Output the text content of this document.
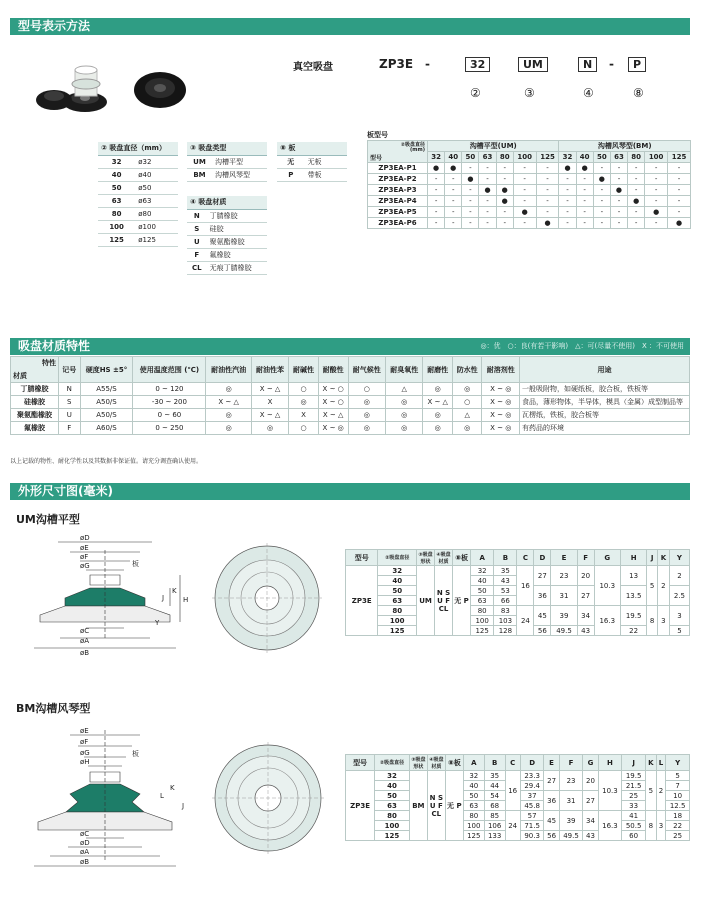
型号表示方法
真空吸盘	ZP3E -	32	UM	N	-	P
②	③	④	⑧
② 吸盘直径（mm）	
32	ø32
40	ø40
50	ø50
63	ø63
80	ø80
100	ø100
125	ø125
③ 吸盘类型	
UM	沟槽平型
BM	沟槽风琴型
④ 吸盘材质	
N	丁腈橡胶
S	硅胶
U	聚氨酯橡胶
F	氟橡胶
CL	无痕丁腈橡胶
⑧ 板	
无	无板
P	带板
板型号
②吸盘直径
(mm)
型号	沟槽平型(UM)							沟槽风琴型(BM)						
	32	40	50	63	80	100	125	32	40	50	63	80	100	125
ZP3EA-P1	●	●	-	-	-	-	-	●	●	-	-	-	-	-
ZP3EA-P2	-	-	●	-	-	-	-	-	-	●	-	-	-	-
ZP3EA-P3	-	-	-	●	●	-	-	-	-	-	●	-	-	-
ZP3EA-P4	-	-	-	-	●	-	-	-	-	-	-	●	-	-
ZP3EA-P5	-	-	-	-	-	●	-	-	-	-	-	-	●	-
ZP3EA-P6	-	-	-	-	-	-	●	-	-	-	-	-	-	●
吸盘材质特性	◎：优　○：良(有若干影响)　△：可(尽量不使用)　X ：不可使用
特性
材质	记号	硬度HS ±5°	使用温度范围 (℃)	耐油性汽油	耐油性苯	耐碱性	耐酸性	耐气候性	耐臭氧性	耐磨性	防水性	耐溶剂性	用途
丁腈橡胶	N	A55/S	0 ~ 120	◎	X ~ △	○	X ~ ○	○	△	◎	◎	X ~ ◎	一般吸附物，如硬纸板，胶合板，铁板等
硅橡胶	S	A50/S	-30 ~ 200	X ~ △	X	◎	X ~ ○	◎	◎	X ~ △	○	X ~ ◎	食品，薄形物体，半导体，模具（金属）成型制品等
聚氨酯橡胶	U	A50/S	0 ~ 60	◎	X ~ △	X	X ~ △	◎	◎	◎	△	X ~ ◎	瓦楞纸，铁板，胶合板等
氟橡胶	F	A60/S	0 ~ 250	◎	◎	○	X ~ ◎	◎	◎	◎	◎	X ~ ◎	有药品的环境
以上记载的物性、耐化学性以及其数据非保证值。请充分调查确认使用。
外形尺寸图(毫米)
UM沟槽平型
øD
øE
øF
øG
øC
øA
øB
K
J	H
Y
板
型号	②吸盘直径	③吸盘形状	④吸盘材质	⑧板	A	B	C	D	E	F	G	H	J	K	Y
ZP3E	32	UM	N S U F CL	无 P	32	35	16	27	23	20	10.3	13	5	2	2
	40				40	43									
	50				50	53		36	31	27		13.5			2.5
	63				63	66									
	80				80	83	24	45	39	34	16.3	19.5	8	3	3
	100				100	103									
	125				125	128		56	49.5	43		22			5
BM沟槽风琴型
øE
øF
øG
øH
øC
øD
øA
øB
K
L
J
板
型号	②吸盘直径	③吸盘形状	④吸盘材质	⑧板	A	B	C	D	E	F	G	H	J	K	L	Y
ZP3E	32	BM	N S U F CL	无 P	32	35	16	23.3	27	23	20	10.3	19.5	5	2	5
	40				40	44		29.4					21.5			7
	50				50	54		37	36	31	27		25			10
	63				63	68		45.8					33			12.5
	80				80	85	24	57	45	39	34	16.3	41	8	3	18
	100				100	106		71.5					50.5			22
	125				125	133		90.3	56	49.5	43		60			25
